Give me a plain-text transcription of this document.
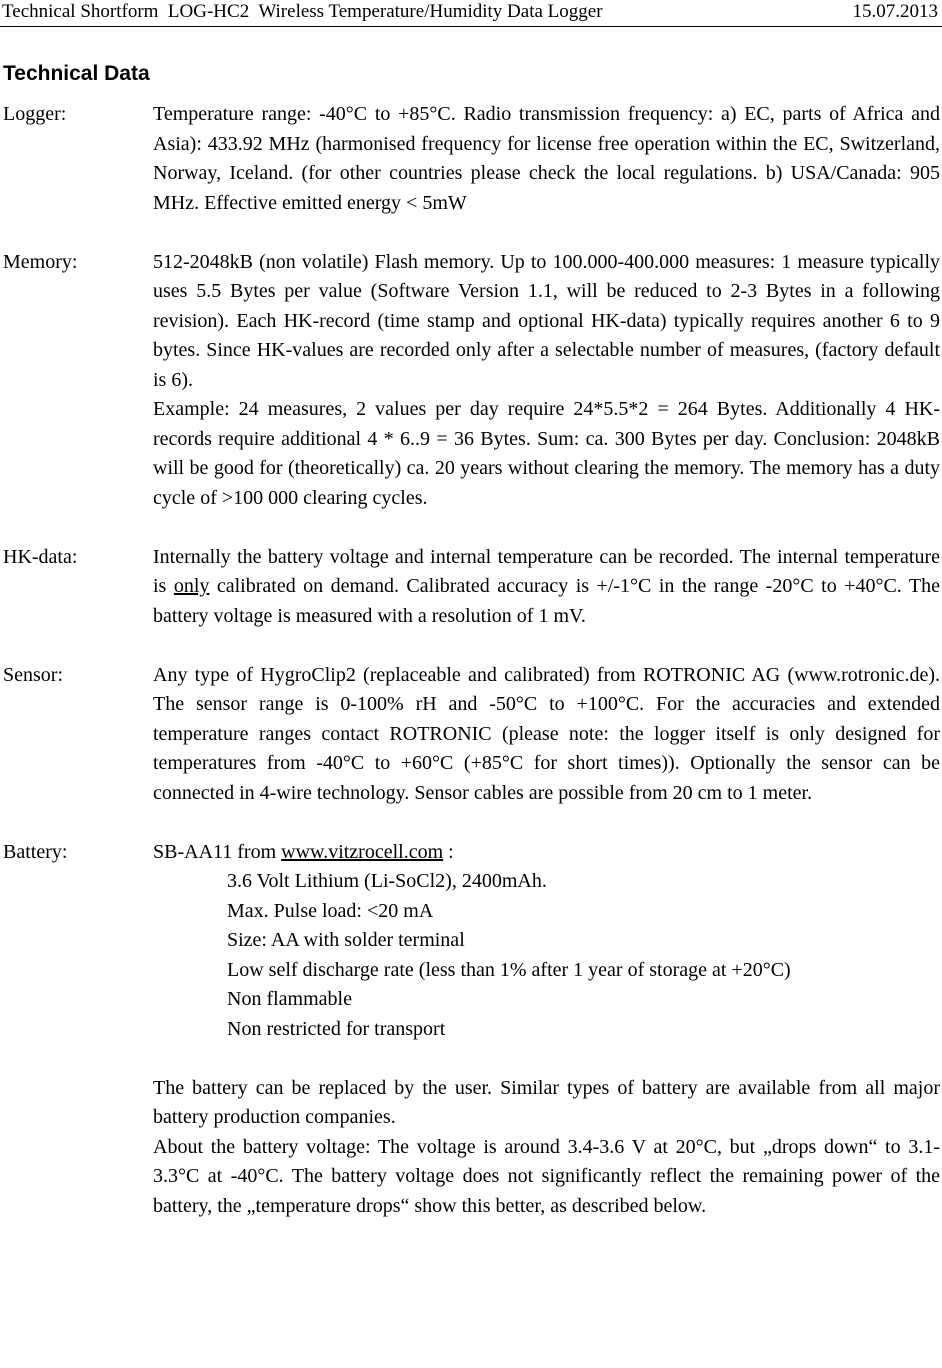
Technical Shortform  LOG-HC2  Wireless Temperature/Humidity Data Logger	15.07.2013
Technical Data
Logger:	Temperature range: -40°C to +85°C. Radio transmission frequency: a) EC, parts of Africa and Asia): 433.92 MHz (harmonised frequency for license free operation within the EC, Switzerland, Norway, Iceland. (for other countries please check the local regulations. b) USA/Canada: 905 MHz. Effective emitted energy < 5mW

Memory:	512-2048kB (non volatile) Flash memory. Up to 100.000-400.000 measures: 1 measure typically uses 5.5 Bytes per value (Software Version 1.1, will be reduced to 2-3 Bytes in a following revision). Each HK-record (time stamp and optional HK-data) typically requires another 6 to 9 bytes. Since HK-values are recorded only after a selectable number of measures, (factory default is 6).

Example: 24 measures, 2 values per day require 24*5.5*2 = 264 Bytes. Additionally 4 HK-records require additional 4 * 6..9 = 36 Bytes. Sum: ca. 300 Bytes per day. Conclusion: 2048kB will be good for (theoretically) ca. 20 years without clearing the memory. The memory has a duty cycle of >100 000 clearing cycles.

HK-data:	Internally the battery voltage and internal temperature can be recorded. The internal temperature is only calibrated on demand. Calibrated accuracy is +/-1°C in the range -20°C to +40°C. The battery voltage is measured with a resolution of 1 mV.

Sensor:	Any type of HygroClip2 (replaceable and calibrated) from ROTRONIC AG (www.rotronic.de). The sensor range is 0-100% rH and -50°C to +100°C. For the accuracies and extended temperature ranges contact ROTRONIC (please note: the logger itself is only designed for temperatures from -40°C to +60°C (+85°C for short times)). Optionally the sensor can be connected in 4-wire technology. Sensor cables are possible from 20 cm to 1 meter.

Battery:	SB-AA11 from www.vitzrocell.com :

3.6 Volt Lithium (Li-SoCl2), 2400mAh.

Max. Pulse load: <20 mA

Size: AA with solder terminal

Low self discharge rate (less than 1% after 1 year of storage at +20°C)

Non flammable

Non restricted for transport

The battery can be replaced by the user. Similar types of battery are available from all major battery production companies.

About the battery voltage: The voltage is around 3.4-3.6 V at 20°C, but „drops down“ to 3.1-3.3°C at -40°C. The battery voltage does not significantly reflect the remaining power of the battery, the „temperature drops“ show this better, as described below.
